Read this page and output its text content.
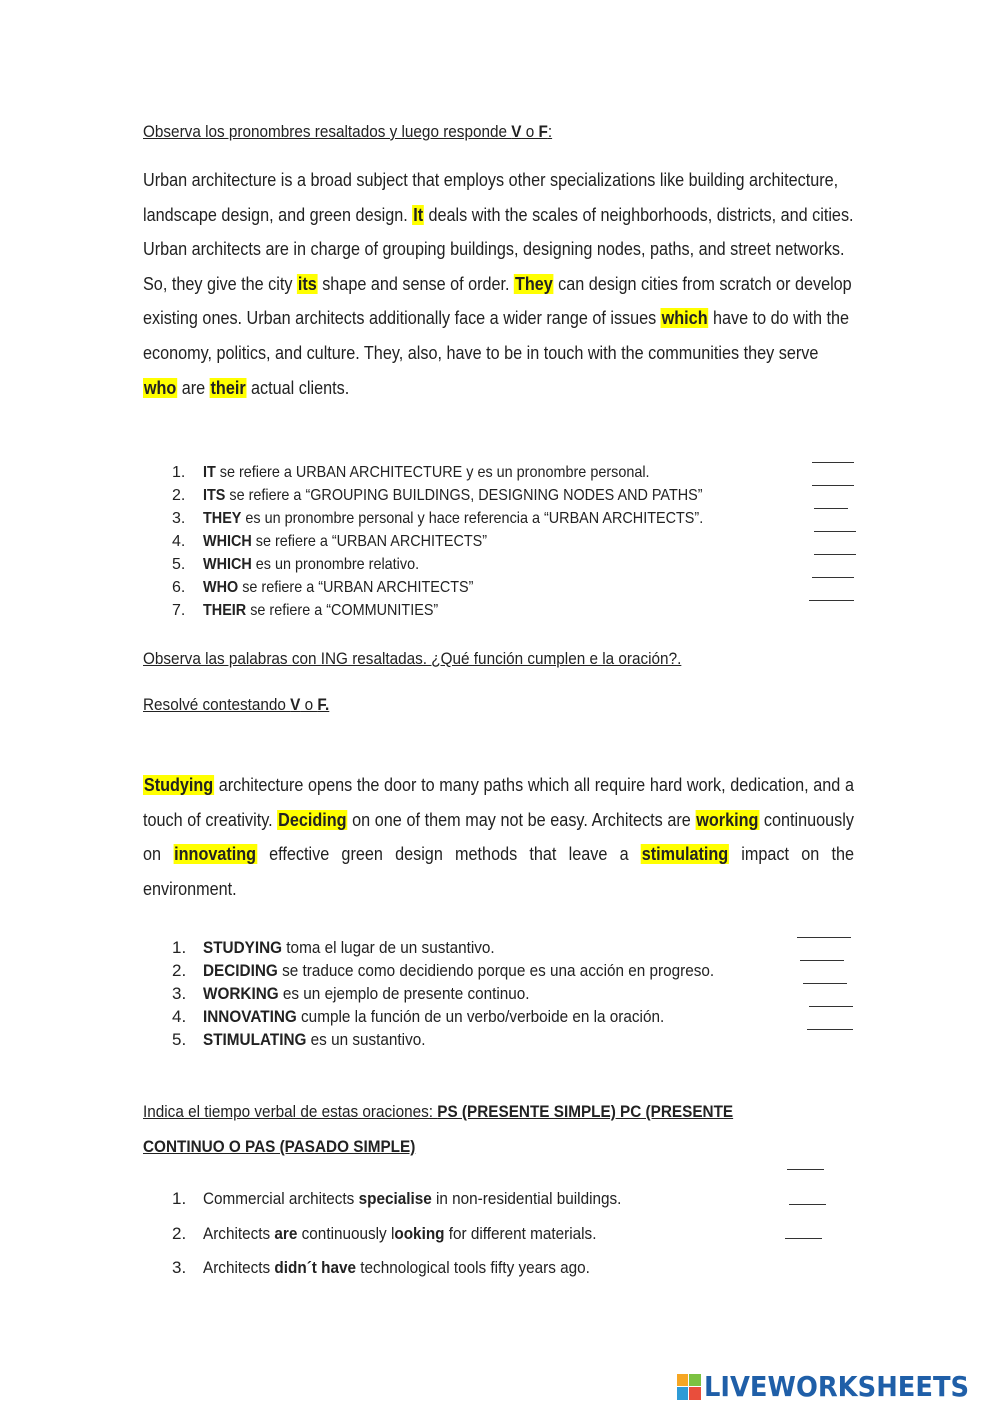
Observa los pronombres resaltados y luego responde V o F:
Urban architecture is a broad subject that employs other specializations like building architecture, landscape design, and green design. It deals with the scales of neighborhoods, districts, and cities. Urban architects are in charge of grouping buildings, designing nodes, paths, and street networks. So, they give the city its shape and sense of order. They can design cities from scratch or develop existing ones. Urban architects additionally face a wider range of issues which have to do with the economy, politics, and culture. They, also, have to be in touch with the communities they serve who are their actual clients.
1. IT se refiere a URBAN ARCHITECTURE y es un pronombre personal.
2. ITS se refiere a “GROUPING BUILDINGS, DESIGNING NODES AND PATHS”
3. THEY es un pronombre personal y hace referencia a “URBAN ARCHITECTS”.
4. WHICH se refiere a “URBAN ARCHITECTS”
5. WHICH es un pronombre relativo.
6. WHO se refiere a “URBAN ARCHITECTS”
7. THEIR se refiere a “COMMUNITIES”
Observa las palabras con ING resaltadas. ¿Qué función cumplen e la oración?.
Resolvé contestando V o F.
Studying architecture opens the door to many paths which all require hard work, dedication, and a touch of creativity. Deciding on one of them may not be easy. Architects are working continuously on innovating effective green design methods that leave a stimulating impact on the environment.
1. STUDYING toma el lugar de un sustantivo.
2. DECIDING se traduce como decidiendo porque es una acción en progreso.
3. WORKING es un ejemplo de presente continuo.
4. INNOVATING cumple la función de un verbo/verboide en la oración.
5. STIMULATING es un sustantivo.
Indica el tiempo verbal de estas oraciones: PS (PRESENTE SIMPLE) PC (PRESENTE
CONTINUO O PAS (PASADO SIMPLE)
1. Commercial architects specialise in non-residential buildings.
2. Architects are continuously looking for different materials.
3. Architects didn´t have technological tools fifty years ago.
LIVEWORKSHEETS
